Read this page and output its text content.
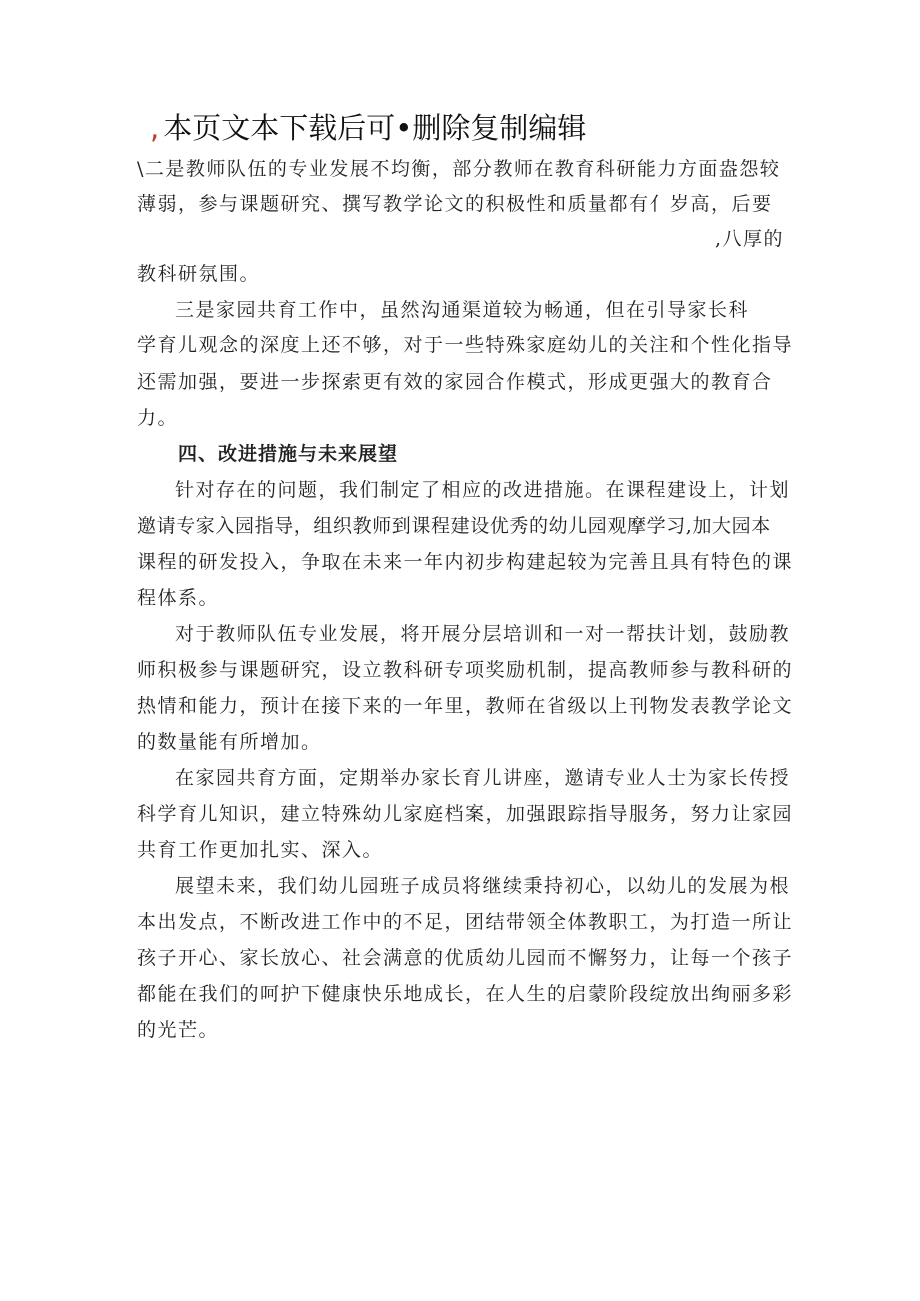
, 本页文本下载后可•删除复制编辑
\二是教师队伍的专业发展不均衡，部分教师在教育科研能力方面盎怨较
薄弱，参与课题研究、撰写教学论文的积极性和质量都有亻岁高，后要
,八厚的
教科研氛围。
三是家园共育工作中，虽然沟通渠道较为畅通，但在引导家长科
学育儿观念的深度上还不够，对于一些特殊家庭幼儿的关注和个性化指导
还需加强，要进一步探索更有效的家园合作模式，形成更强大的教育合
力。
四、改进措施与未来展望
针对存在的问题，我们制定了相应的改进措施。在课程建设上，计划
邀请专家入园指导，组织教师到课程建设优秀的幼儿园观摩学习,加大园本
课程的研发投入，争取在未来一年内初步构建起较为完善且具有特色的课
程体系。
对于教师队伍专业发展，将开展分层培训和一对一帮扶计划，鼓励教
师积极参与课题研究，设立教科研专项奖励机制，提高教师参与教科研的
热情和能力，预计在接下来的一年里，教师在省级以上刊物发表教学论文
的数量能有所增加。
在家园共育方面，定期举办家长育儿讲座，邀请专业人士为家长传授
科学育儿知识，建立特殊幼儿家庭档案，加强跟踪指导服务，努力让家园
共育工作更加扎实、深入。
展望未来，我们幼儿园班子成员将继续秉持初心，以幼儿的发展为根
本出发点，不断改进工作中的不足，团结带领全体教职工，为打造一所让
孩子开心、家长放心、社会满意的优质幼儿园而不懈努力，让每一个孩子
都能在我们的呵护下健康快乐地成长，在人生的启蒙阶段绽放出绚丽多彩
的光芒。
